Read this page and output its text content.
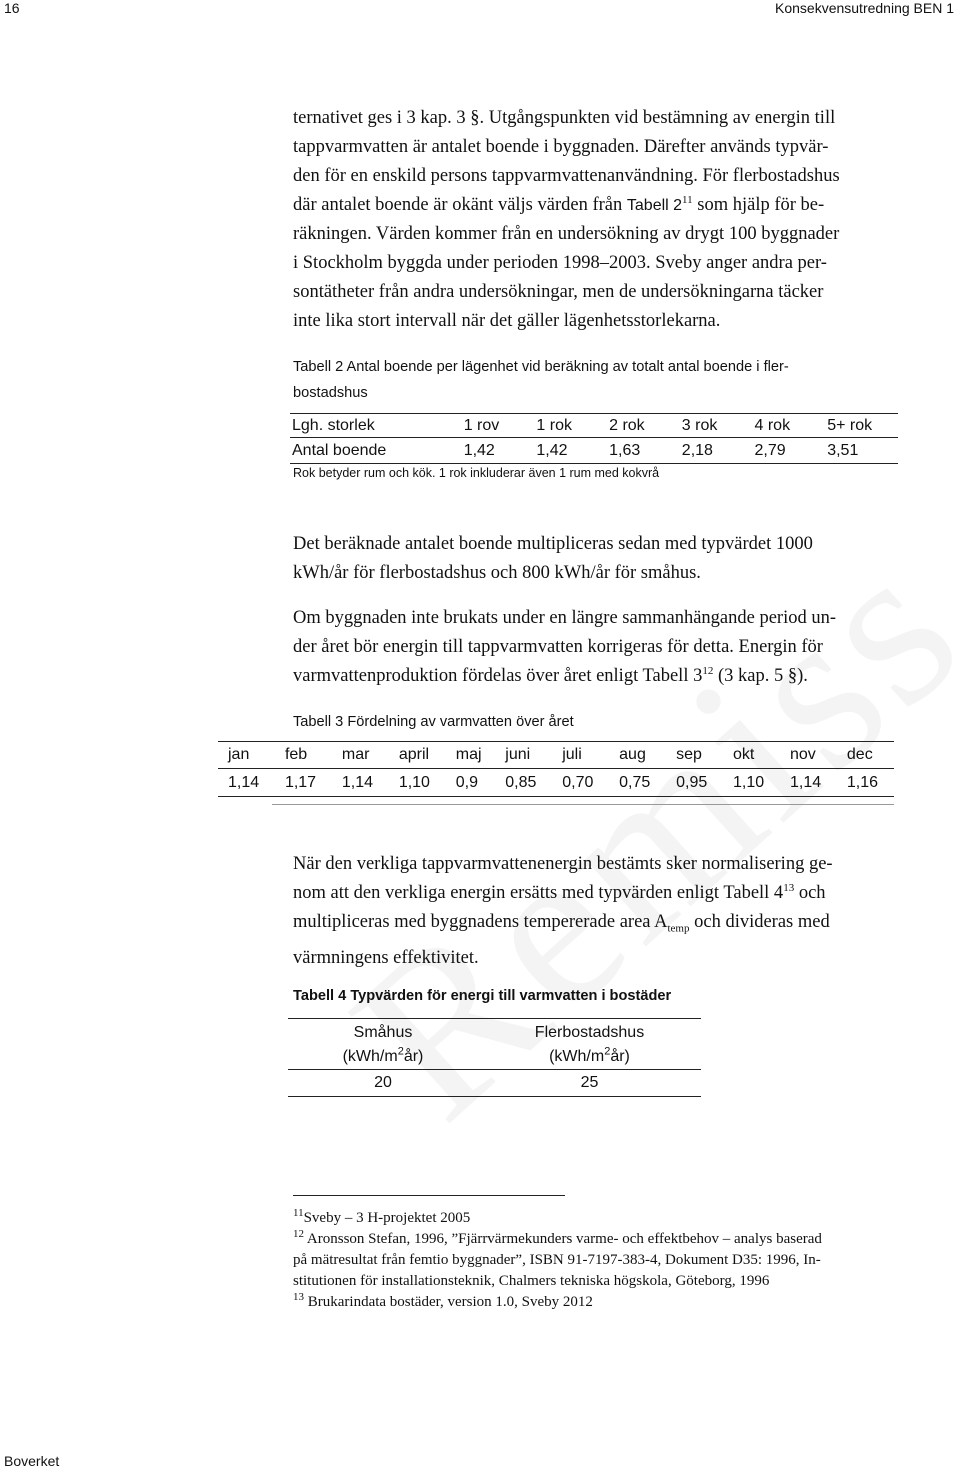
16	Konsekvensutredning BEN 1

ternativet ges i 3 kap. 3 §. Utgångspunkten vid bestämning av energin till

tappvarmvatten är antalet boende i byggnaden. Därefter används typvär-

den för en enskild persons tappvarmvattenanvändning. För flerbostadshus

där antalet boende är okänt väljs värden från Tabell $2^{11}$ som hjälp för be-

räkningen. Värden kommer från en undersökning av drygt 100 byggnader

i Stockholm byggda under perioden 1998–2003. Sveby anger andra per-

sontätheter från andra undersökningar, men de undersökningarna täcker

inte lika stort intervall när det gäller lägenhetsstorlekarna.

Tabell 2 Antal boende per lägenhet vid beräkning av totalt antal boende i fler-
bostadshus
Lgh. storlek	1 rov	1 rok	2 rok	3 rok	4 rok	5+ rok
Antal boende	1,42	1,42	1,63	2,18	2,79	3,51
Rok betyder rum och kök. 1 rok inkluderar även 1 rum med kokvrå

Det beräknade antalet boende multipliceras sedan med typvärdet 1000

kWh/år för flerbostadshus och 800 kWh/år för småhus.

Om byggnaden inte brukats under en längre sammanhängande period un-

der året bör energin till tappvarmvatten korrigeras för detta. Energin för

varmvattenproduktion fördelas över året enligt Tabell $3^{12}$ (3 kap. 5 §).

Tabell 3 Fördelning av varmvatten över året
jan	feb	mar	april	maj	juni	juli	aug	sep	okt	nov	dec
1,14	1,17	1,14	1,10	0,9	0,85	0,70	0,75	0,95	1,10	1,14	1,16

När den verkliga tappvarmvattenenergin bestämts sker normalisering ge-

nom att den verkliga energin ersätts med typvärden enligt Tabell $4^{13}$ och

multipliceras med byggnadens tempererade area $A_{temp}$ och divideras med

värmningens effektivitet.

Tabell 4 Typvärden för energi till varmvatten i bostäder
Småhus	Flerbostadshus
$(kWh/m^2år)$	$(kWh/m^2år)$
20	25

$^{11}$Sveby – 3 H-projektet 2005

$^{12}$ Aronsson Stefan, 1996, ”Fjärrvärmekunders varme- och effektbehov – analys baserad

på mätresultat från femtio byggnader”, ISBN 91-7197-383-4, Dokument D35: 1996, In-

stitutionen för installationsteknik, Chalmers tekniska högskola, Göteborg, 1996

$^{13}$ Brukarindata bostäder, version 1.0, Sveby 2012

Boverket
